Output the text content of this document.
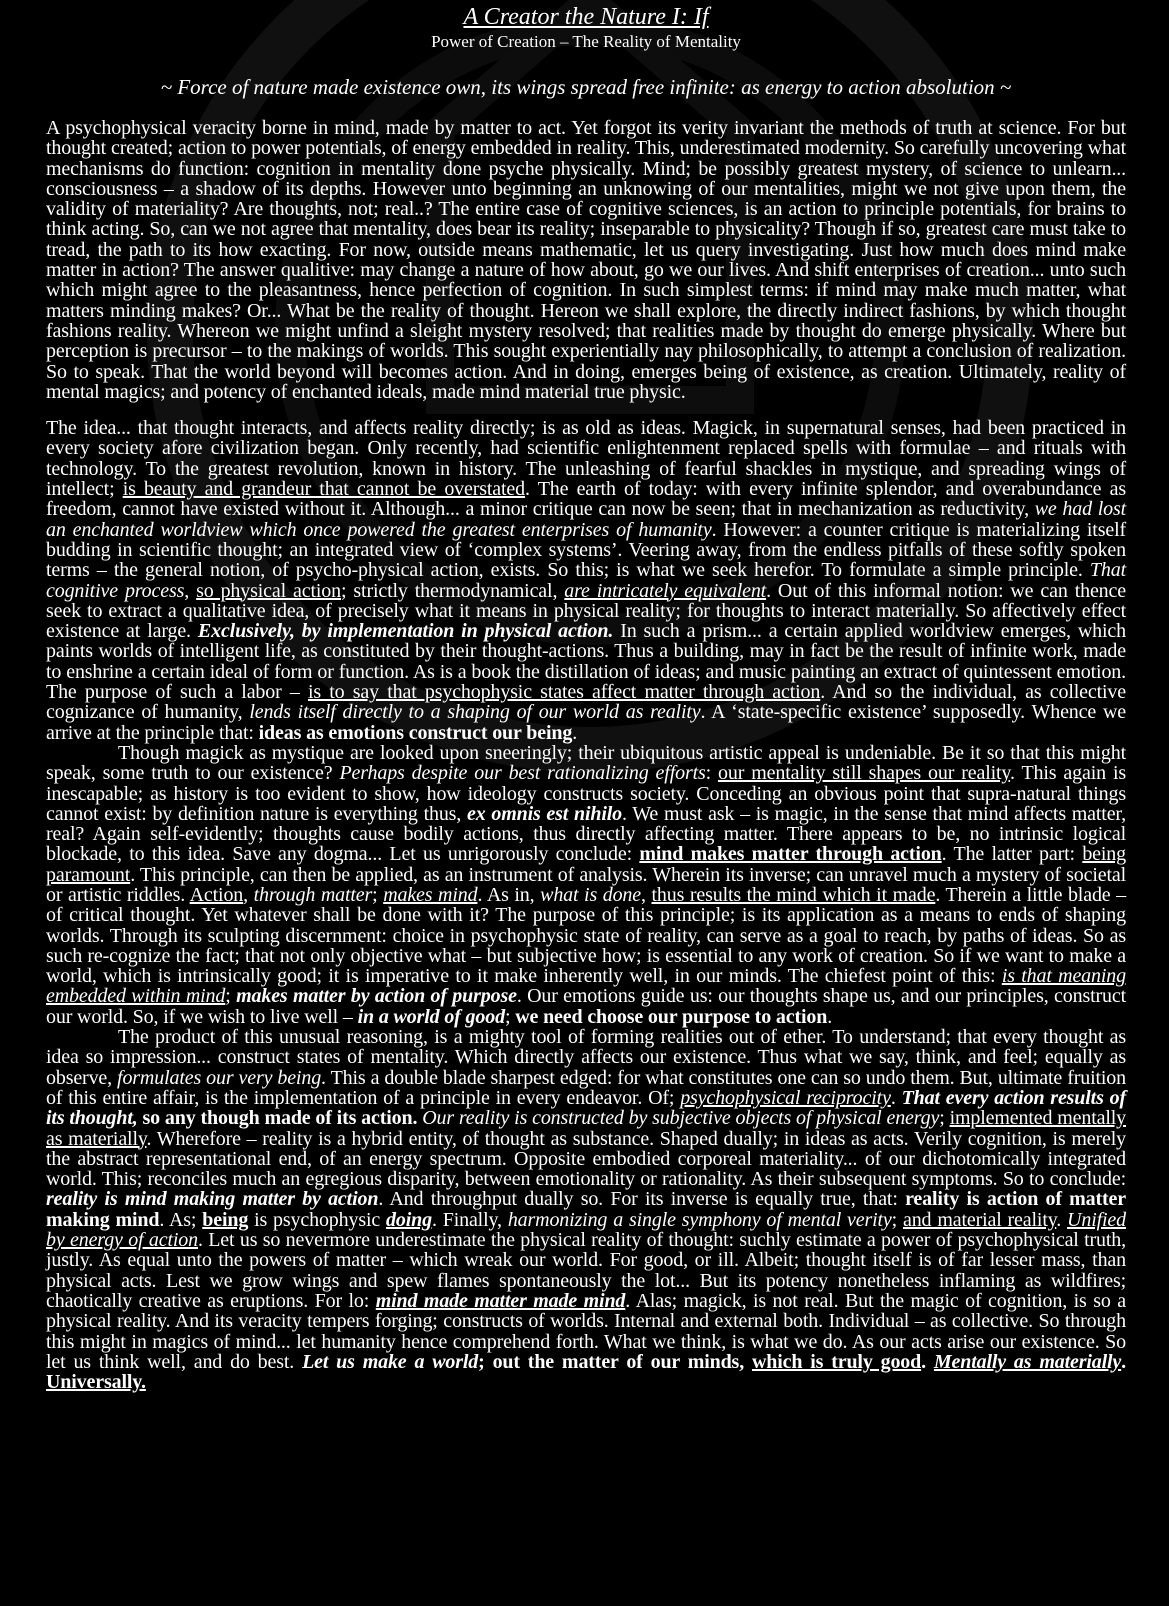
A Creator the Nature I: If
Power of Creation – The Reality of Mentality
~ Force of nature made existence own, its wings spread free infinite: as energy to action absolution ~

A psychophysical veracity borne in mind, made by matter to act. Yet forgot its verity invariant the methods of truth at science. For but thought created; action to power potentials, of energy embedded in reality. This, underestimated modernity. So carefully uncovering what mechanisms do function: cognition in mentality done psyche physically. Mind; be possibly greatest mystery, of science to unlearn... consciousness – a shadow of its depths. However unto beginning an unknowing of our mentalities, might we not give upon them, the validity of materiality? Are thoughts, not; real..? The entire case of cognitive sciences, is an action to principle potentials, for brains to think acting. So, can we not agree that mentality, does bear its reality; inseparable to physicality? Though if so, greatest care must take to tread, the path to its how exacting. For now, outside means mathematic, let us query investigating. Just how much does mind make matter in action? The answer qualitive: may change a nature of how about, go we our lives. And shift enterprises of creation... unto such which might agree to the pleasantness, hence perfection of cognition. In such simplest terms: if mind may make much matter, what matters minding makes? Or... What be the reality of thought. Hereon we shall explore, the directly indirect fashions, by which thought fashions reality. Whereon we might unfind a sleight mystery resolved; that realities made by thought do emerge physically. Where but perception is precursor – to the makings of worlds. This sought experientially nay philosophically, to attempt a conclusion of realization. So to speak. That the world beyond will becomes action. And in doing, emerges being of existence, as creation. Ultimately, reality of mental magics; and potency of enchanted ideals, made mind material true physic.

The idea... that thought interacts, and affects reality directly; is as old as ideas. Magick, in supernatural senses, had been practiced in every society afore civilization began. Only recently, had scientific enlightenment replaced spells with formulae – and rituals with technology. To the greatest revolution, known in history. The unleashing of fearful shackles in mystique, and spreading wings of intellect; is beauty and grandeur that cannot be overstated. The earth of today: with every infinite splendor, and overabundance as freedom, cannot have existed without it. Although... a minor critique can now be seen; that in mechanization as reductivity, we had lost an enchanted worldview which once powered the greatest enterprises of humanity. However: a counter critique is materializing itself budding in scientific thought; an integrated view of ‘complex systems’. Veering away, from the endless pitfalls of these softly spoken terms – the general notion, of psycho-physical action, exists. So this; is what we seek herefor. To formulate a simple principle. That cognitive process, so physical action; strictly thermodynamical, are intricately equivalent. Out of this informal notion: we can thence seek to extract a qualitative idea, of precisely what it means in physical reality; for thoughts to interact materially. So affectively effect existence at large. Exclusively, by implementation in physical action. In such a prism... a certain applied worldview emerges, which paints worlds of intelligent life, as constituted by their thought-actions. Thus a building, may in fact be the result of infinite work, made to enshrine a certain ideal of form or function. As is a book the distillation of ideas; and music painting an extract of quintessent emotion. The purpose of such a labor – is to say that psychophysic states affect matter through action. And so the individual, as collective cognizance of humanity, lends itself directly to a shaping of our world as reality. A ‘state-specific existence’ supposedly. Whence we arrive at the principle that: ideas as emotions construct our being.

Though magick as mystique are looked upon sneeringly; their ubiquitous artistic appeal is undeniable. Be it so that this might speak, some truth to our existence? Perhaps despite our best rationalizing efforts: our mentality still shapes our reality. This again is inescapable; as history is too evident to show, how ideology constructs society. Conceding an obvious point that supra-natural things cannot exist: by definition nature is everything thus, ex omnis est nihilo. We must ask – is magic, in the sense that mind affects matter, real? Again self-evidently; thoughts cause bodily actions, thus directly affecting matter. There appears to be, no intrinsic logical blockade, to this idea. Save any dogma... Let us unrigorously conclude: mind makes matter through action. The latter part: being paramount. This principle, can then be applied, as an instrument of analysis. Wherein its inverse; can unravel much a mystery of societal or artistic riddles. Action, through matter; makes mind. As in, what is done, thus results the mind which it made. Therein a little blade – of critical thought. Yet whatever shall be done with it? The purpose of this principle; is its application as a means to ends of shaping worlds. Through its sculpting discernment: choice in psychophysic state of reality, can serve as a goal to reach, by paths of ideas. So as such re-cognize the fact; that not only objective what – but subjective how; is essential to any work of creation. So if we want to make a world, which is intrinsically good; it is imperative to it make inherently well, in our minds. The chiefest point of this: is that meaning embedded within mind; makes matter by action of purpose. Our emotions guide us: our thoughts shape us, and our principles, construct our world. So, if we wish to live well – in a world of good; we need choose our purpose to action.

The product of this unusual reasoning, is a mighty tool of forming realities out of ether. To understand; that every thought as idea so impression... construct states of mentality. Which directly affects our existence. Thus what we say, think, and feel; equally as observe, formulates our very being. This a double blade sharpest edged: for what constitutes one can so undo them. But, ultimate fruition of this entire affair, is the implementation of a principle in every endeavor. Of; psychophysical reciprocity. That every action results of its thought, so any though made of its action. Our reality is constructed by subjective objects of physical energy; implemented mentally as materially. Wherefore – reality is a hybrid entity, of thought as substance. Shaped dually; in ideas as acts. Verily cognition, is merely the abstract representational end, of an energy spectrum. Opposite embodied corporeal materiality... of our dichotomically integrated world. This; reconciles much an egregious disparity, between emotionality or rationality. As their subsequent symptoms. So to conclude: reality is mind making matter by action. And throughput dually so. For its inverse is equally true, that: reality is action of matter making mind. As; being is psychophysic doing. Finally, harmonizing a single symphony of mental verity; and material reality. Unified by energy of action. Let us so nevermore underestimate the physical reality of thought: suchly estimate a power of psychophysical truth, justly. As equal unto the powers of matter – which wreak our world. For good, or ill. Albeit; thought itself is of far lesser mass, than physical acts. Lest we grow wings and spew flames spontaneously the lot... But its potency nonetheless inflaming as wildfires; chaotically creative as eruptions. For lo: mind made matter made mind. Alas; magick, is not real. But the magic of cognition, is so a physical reality. And its veracity tempers forging; constructs of worlds. Internal and external both. Individual – as collective. So through this might in magics of mind... let humanity hence comprehend forth. What we think, is what we do. As our acts arise our existence. So let us think well, and do best. Let us make a world; out the matter of our minds, which is truly good. Mentally as materially. Universally.
